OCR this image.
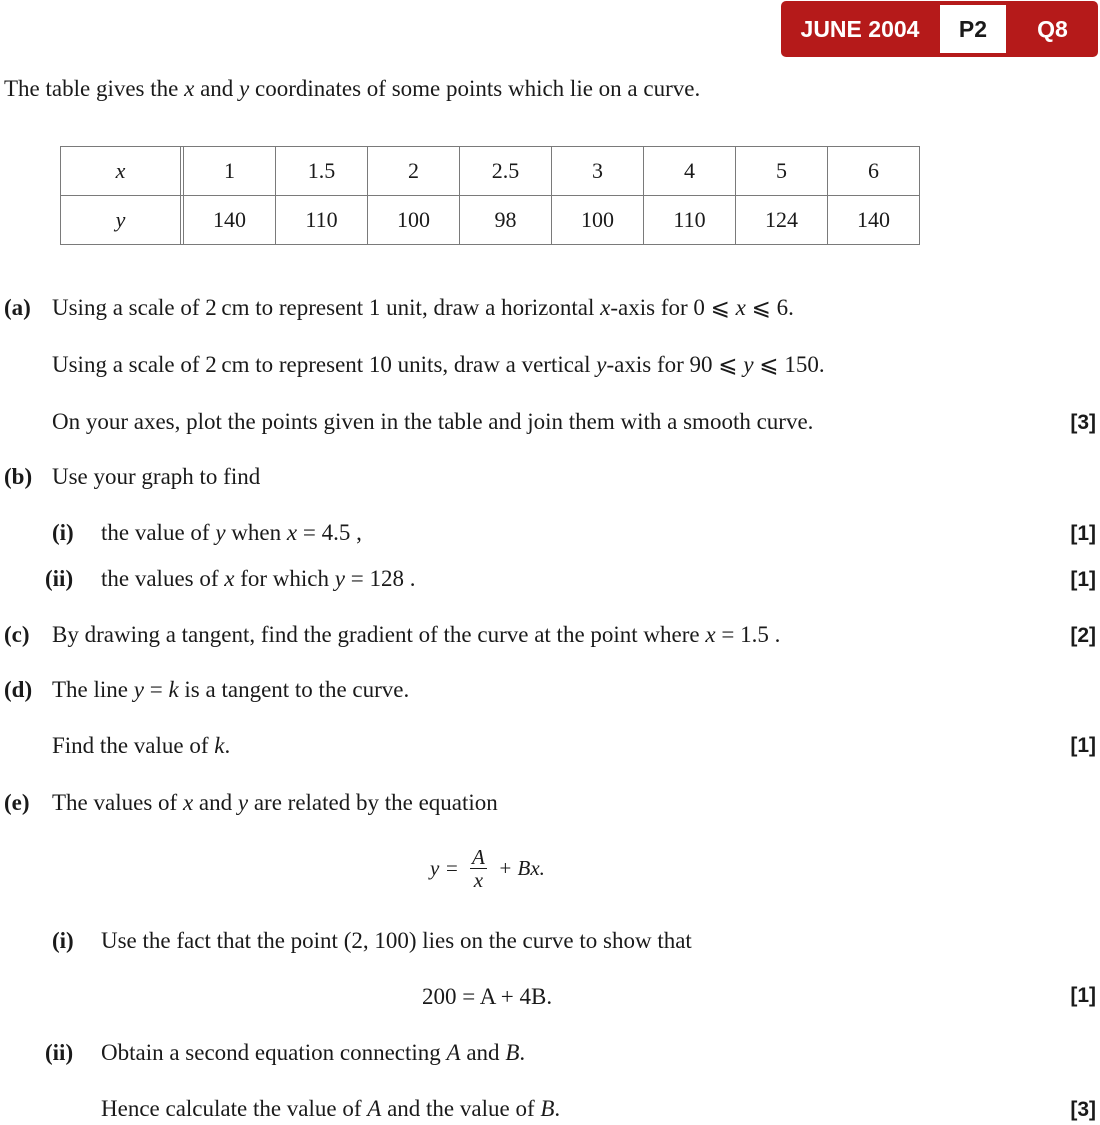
JUNE 2004	P2	Q8
The table gives the x and y coordinates of some points which lie on a curve.
x		1	1.5	2	2.5	3	4	5	6
y		140	110	100	98	100	110	124	140
(a) Using a scale of 2 cm to represent 1 unit, draw a horizontal x-axis for 0 ⩽ x ⩽ 6.
Using a scale of 2 cm to represent 10 units, draw a vertical y-axis for 90 ⩽ y ⩽ 150.
On your axes, plot the points given in the table and join them with a smooth curve.	[3]
(b) Use your graph to find
(i) the value of y when x = 4.5 ,	[1]
(ii) the values of x for which y = 128 .	[1]
(c) By drawing a tangent, find the gradient of the curve at the point where x = 1.5 .	[2]
(d) The line y = k is a tangent to the curve.
Find the value of k.	[1]
(e) The values of x and y are related by the equation
$y = \frac{A}{x} + Bx$.
(i) Use the fact that the point (2, 100) lies on the curve to show that
200 = A + 4B.	[1]
(ii) Obtain a second equation connecting A and B.
Hence calculate the value of A and the value of B.	[3]
